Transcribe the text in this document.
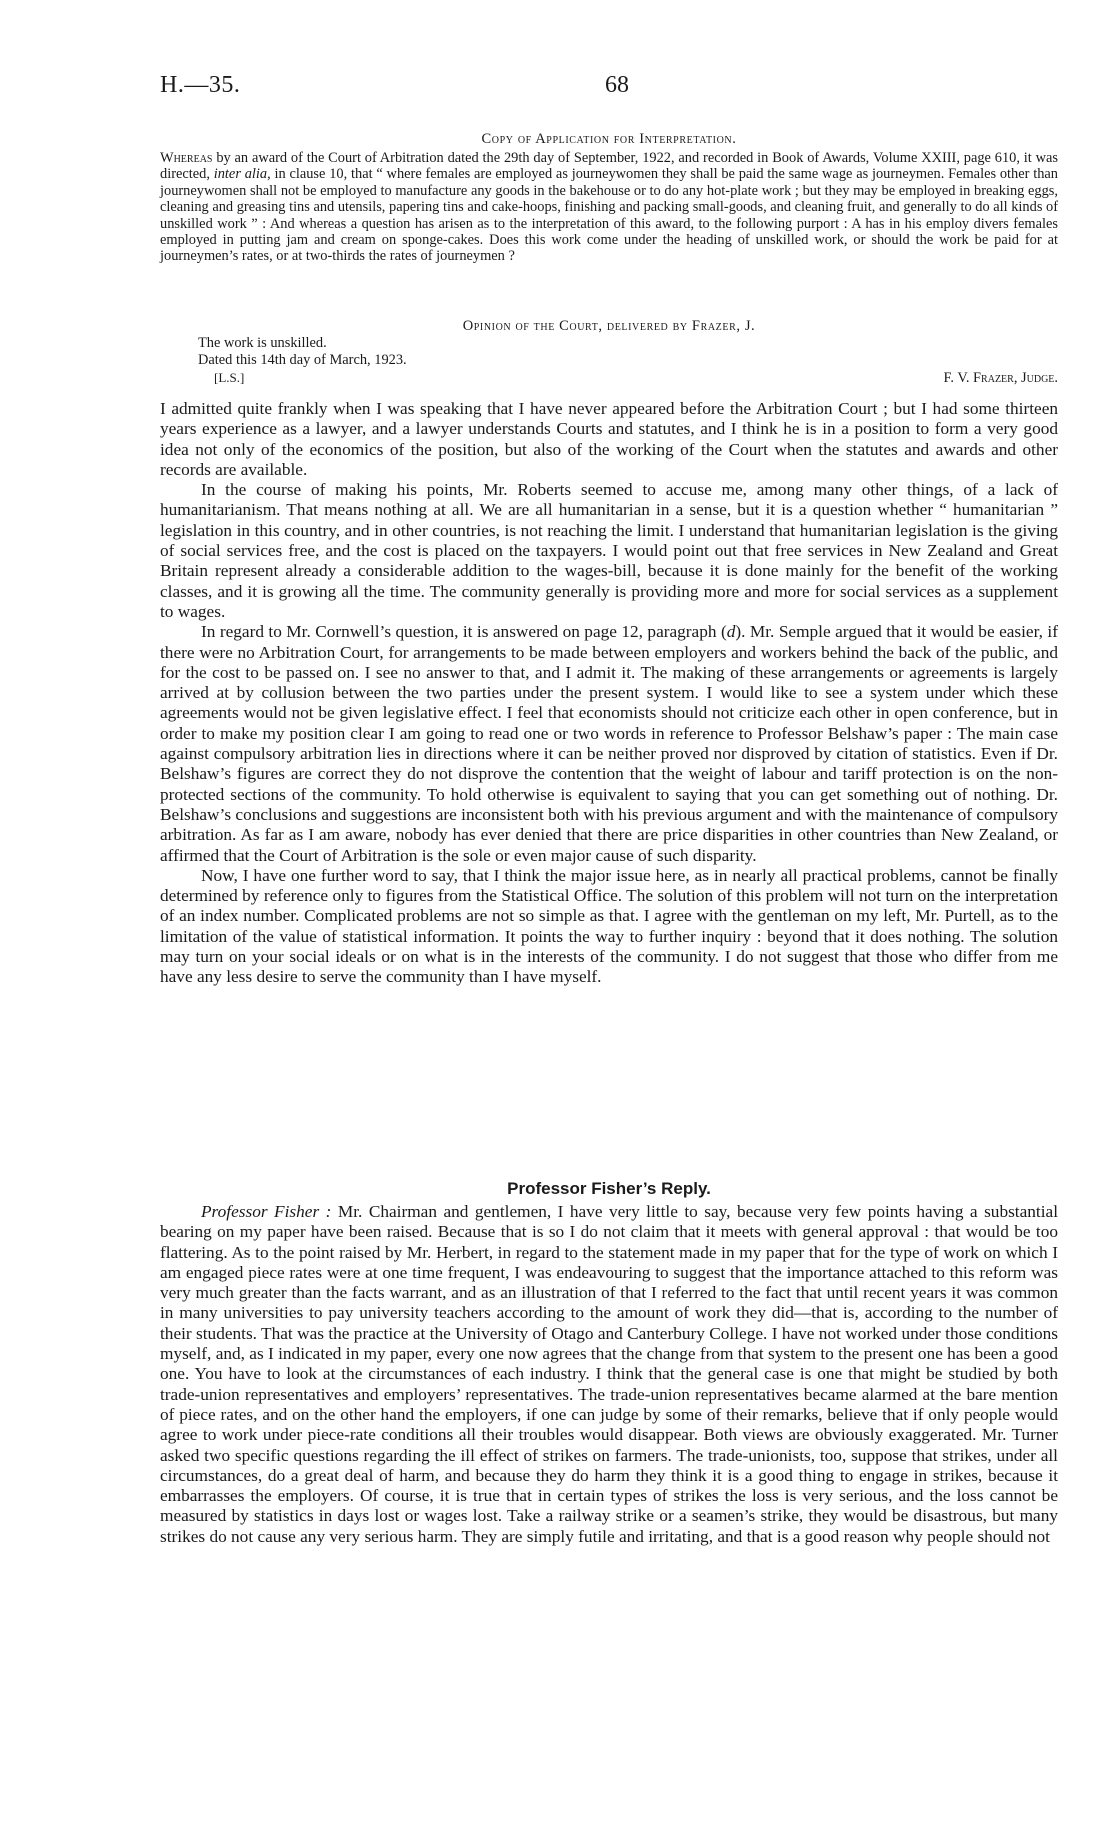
H.—35.	68
Copy of Application for Interpretation.
Whereas by an award of the Court of Arbitration dated the 29th day of September, 1922, and recorded in Book of Awards, Volume XXIII, page 610, it was directed, inter alia, in clause 10, that “ where females are employed as journeywomen they shall be paid the same wage as journeymen. Females other than journeywomen shall not be employed to manufacture any goods in the bakehouse or to do any hot-plate work ; but they may be employed in breaking eggs, cleaning and greasing tins and utensils, papering tins and cake-hoops, finishing and packing small-goods, and cleaning fruit, and generally to do all kinds of unskilled work ” : And whereas a question has arisen as to the interpretation of this award, to the following purport : A has in his employ divers females employed in putting jam and cream on sponge-cakes. Does this work come under the heading of unskilled work, or should the work be paid for at journeymen’s rates, or at two-thirds the rates of journeymen ?
Opinion of the Court, delivered by Frazer, J.
The work is unskilled.
Dated this 14th day of March, 1923.
[L.S.]	F. V. Frazer, Judge.

I admitted quite frankly when I was speaking that I have never appeared before the Arbitration Court ; but I had some thirteen years experience as a lawyer, and a lawyer understands Courts and statutes, and I think he is in a position to form a very good idea not only of the economics of the position, but also of the working of the Court when the statutes and awards and other records are available.

In the course of making his points, Mr. Roberts seemed to accuse me, among many other things, of a lack of humanitarianism. That means nothing at all. We are all humanitarian in a sense, but it is a question whether “ humanitarian ” legislation in this country, and in other countries, is not reaching the limit. I understand that humanitarian legislation is the giving of social services free, and the cost is placed on the taxpayers. I would point out that free services in New Zealand and Great Britain represent already a considerable addition to the wages-bill, because it is done mainly for the benefit of the working classes, and it is growing all the time. The community generally is providing more and more for social services as a supplement to wages.

In regard to Mr. Cornwell’s question, it is answered on page 12, paragraph (d). Mr. Semple argued that it would be easier, if there were no Arbitration Court, for arrangements to be made between employers and workers behind the back of the public, and for the cost to be passed on. I see no answer to that, and I admit it. The making of these arrangements or agreements is largely arrived at by collusion between the two parties under the present system. I would like to see a system under which these agreements would not be given legislative effect. I feel that economists should not criticize each other in open conference, but in order to make my position clear I am going to read one or two words in reference to Professor Belshaw’s paper : The main case against compulsory arbitration lies in directions where it can be neither proved nor disproved by citation of statistics. Even if Dr. Belshaw’s figures are correct they do not disprove the contention that the weight of labour and tariff protection is on the non-protected sections of the community. To hold otherwise is equivalent to saying that you can get something out of nothing. Dr. Belshaw’s conclusions and suggestions are inconsistent both with his previous argument and with the maintenance of compulsory arbitration. As far as I am aware, nobody has ever denied that there are price disparities in other countries than New Zealand, or affirmed that the Court of Arbitration is the sole or even major cause of such disparity.

Now, I have one further word to say, that I think the major issue here, as in nearly all practical problems, cannot be finally determined by reference only to figures from the Statistical Office. The solution of this problem will not turn on the interpretation of an index number. Complicated problems are not so simple as that. I agree with the gentleman on my left, Mr. Purtell, as to the limitation of the value of statistical information. It points the way to further inquiry : beyond that it does nothing. The solution may turn on your social ideals or on what is in the interests of the community. I do not suggest that those who differ from me have any less desire to serve the community than I have myself.

Professor Fisher’s Reply.

Professor Fisher : Mr. Chairman and gentlemen, I have very little to say, because very few points having a substantial bearing on my paper have been raised. Because that is so I do not claim that it meets with general approval : that would be too flattering. As to the point raised by Mr. Herbert, in regard to the statement made in my paper that for the type of work on which I am engaged piece rates were at one time frequent, I was endeavouring to suggest that the importance attached to this reform was very much greater than the facts warrant, and as an illustration of that I referred to the fact that until recent years it was common in many universities to pay university teachers according to the amount of work they did—that is, according to the number of their students. That was the practice at the University of Otago and Canterbury College. I have not worked under those conditions myself, and, as I indicated in my paper, every one now agrees that the change from that system to the present one has been a good one. You have to look at the circumstances of each industry. I think that the general case is one that might be studied by both trade-union representatives and employers’ representatives. The trade-union representatives became alarmed at the bare mention of piece rates, and on the other hand the employers, if one can judge by some of their remarks, believe that if only people would agree to work under piece-rate conditions all their troubles would disappear. Both views are obviously exaggerated. Mr. Turner asked two specific questions regarding the ill effect of strikes on farmers. The trade-unionists, too, suppose that strikes, under all circumstances, do a great deal of harm, and because they do harm they think it is a good thing to engage in strikes, because it embarrasses the employers. Of course, it is true that in certain types of strikes the loss is very serious, and the loss cannot be measured by statistics in days lost or wages lost. Take a railway strike or a seamen’s strike, they would be disastrous, but many strikes do not cause any very serious harm. They are simply futile and irritating, and that is a good reason why people should not
